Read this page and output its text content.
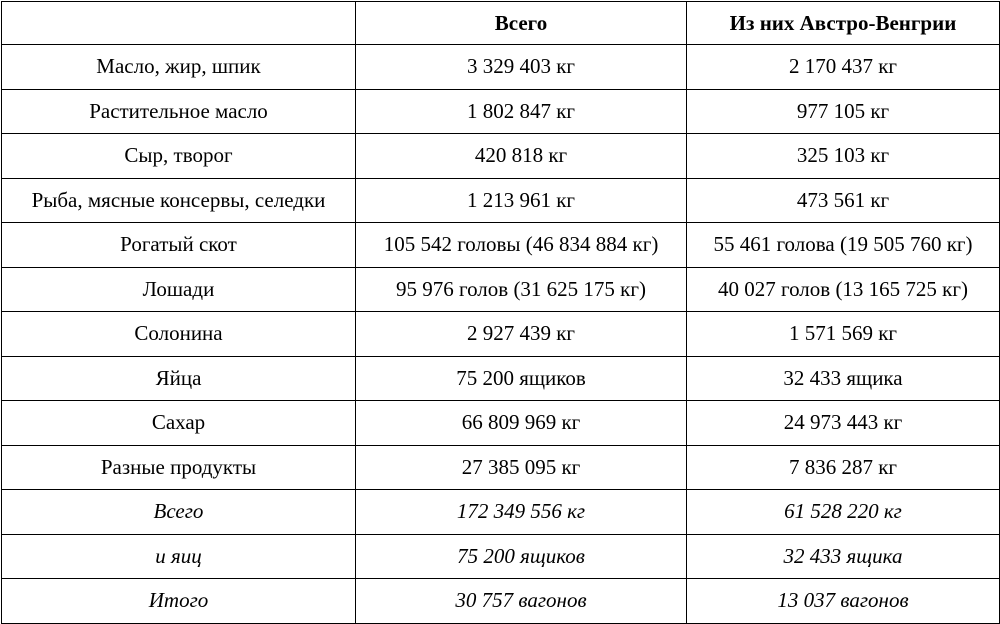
	Всего	Из них Австро-Венгрии
Масло, жир, шпик	3 329 403 кг	2 170 437 кг
Растительное масло	1 802 847 кг	977 105 кг
Сыр, творог	420 818 кг	325 103 кг
Рыба, мясные консервы, селедки	1 213 961 кг	473 561 кг
Рогатый скот	105 542 головы (46 834 884 кг)	55 461 голова (19 505 760 кг)
Лошади	95 976 голов (31 625 175 кг)	40 027 голов (13 165 725 кг)
Солонина	2 927 439 кг	1 571 569 кг
Яйца	75 200 ящиков	32 433 ящика
Сахар	66 809 969 кг	24 973 443 кг
Разные продукты	27 385 095 кг	7 836 287 кг
Всего	172 349 556 кг	61 528 220 кг
и яиц	75 200 ящиков	32 433 ящика
Итого	30 757 вагонов	13 037 вагонов
